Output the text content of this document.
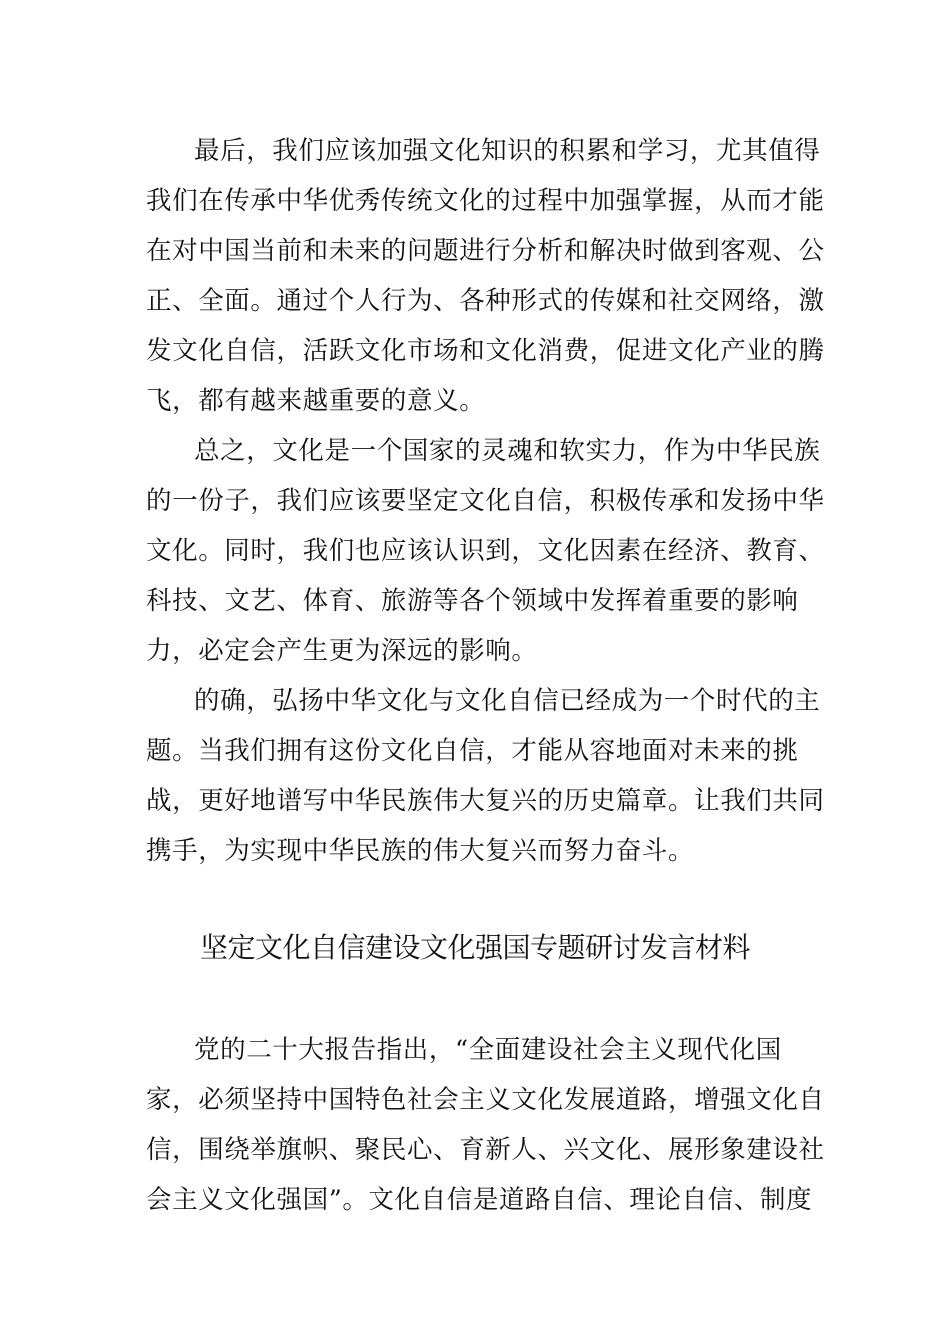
最后，我们应该加强文化知识的积累和学习，尤其值得
我们在传承中华优秀传统文化的过程中加强掌握，从而才能
在对中国当前和未来的问题进行分析和解决时做到客观、公
正、全面。通过个人行为、各种形式的传媒和社交网络，激
发文化自信，活跃文化市场和文化消费，促进文化产业的腾
飞，都有越来越重要的意义。
总之，文化是一个国家的灵魂和软实力，作为中华民族
的一份子，我们应该要坚定文化自信，积极传承和发扬中华
文化。同时，我们也应该认识到，文化因素在经济、教育、
科技、文艺、体育、旅游等各个领域中发挥着重要的影响
力，必定会产生更为深远的影响。
的确，弘扬中华文化与文化自信已经成为一个时代的主
题。当我们拥有这份文化自信，才能从容地面对未来的挑
战，更好地谱写中华民族伟大复兴的历史篇章。让我们共同
携手，为实现中华民族的伟大复兴而努力奋斗。
坚定文化自信建设文化强国专题研讨发言材料
党的二十大报告指出，“全面建设社会主义现代化国
家，必须坚持中国特色社会主义文化发展道路，增强文化自
信，围绕举旗帜、聚民心、育新人、兴文化、展形象建设社
会主义文化强国”。文化自信是道路自信、理论自信、制度
